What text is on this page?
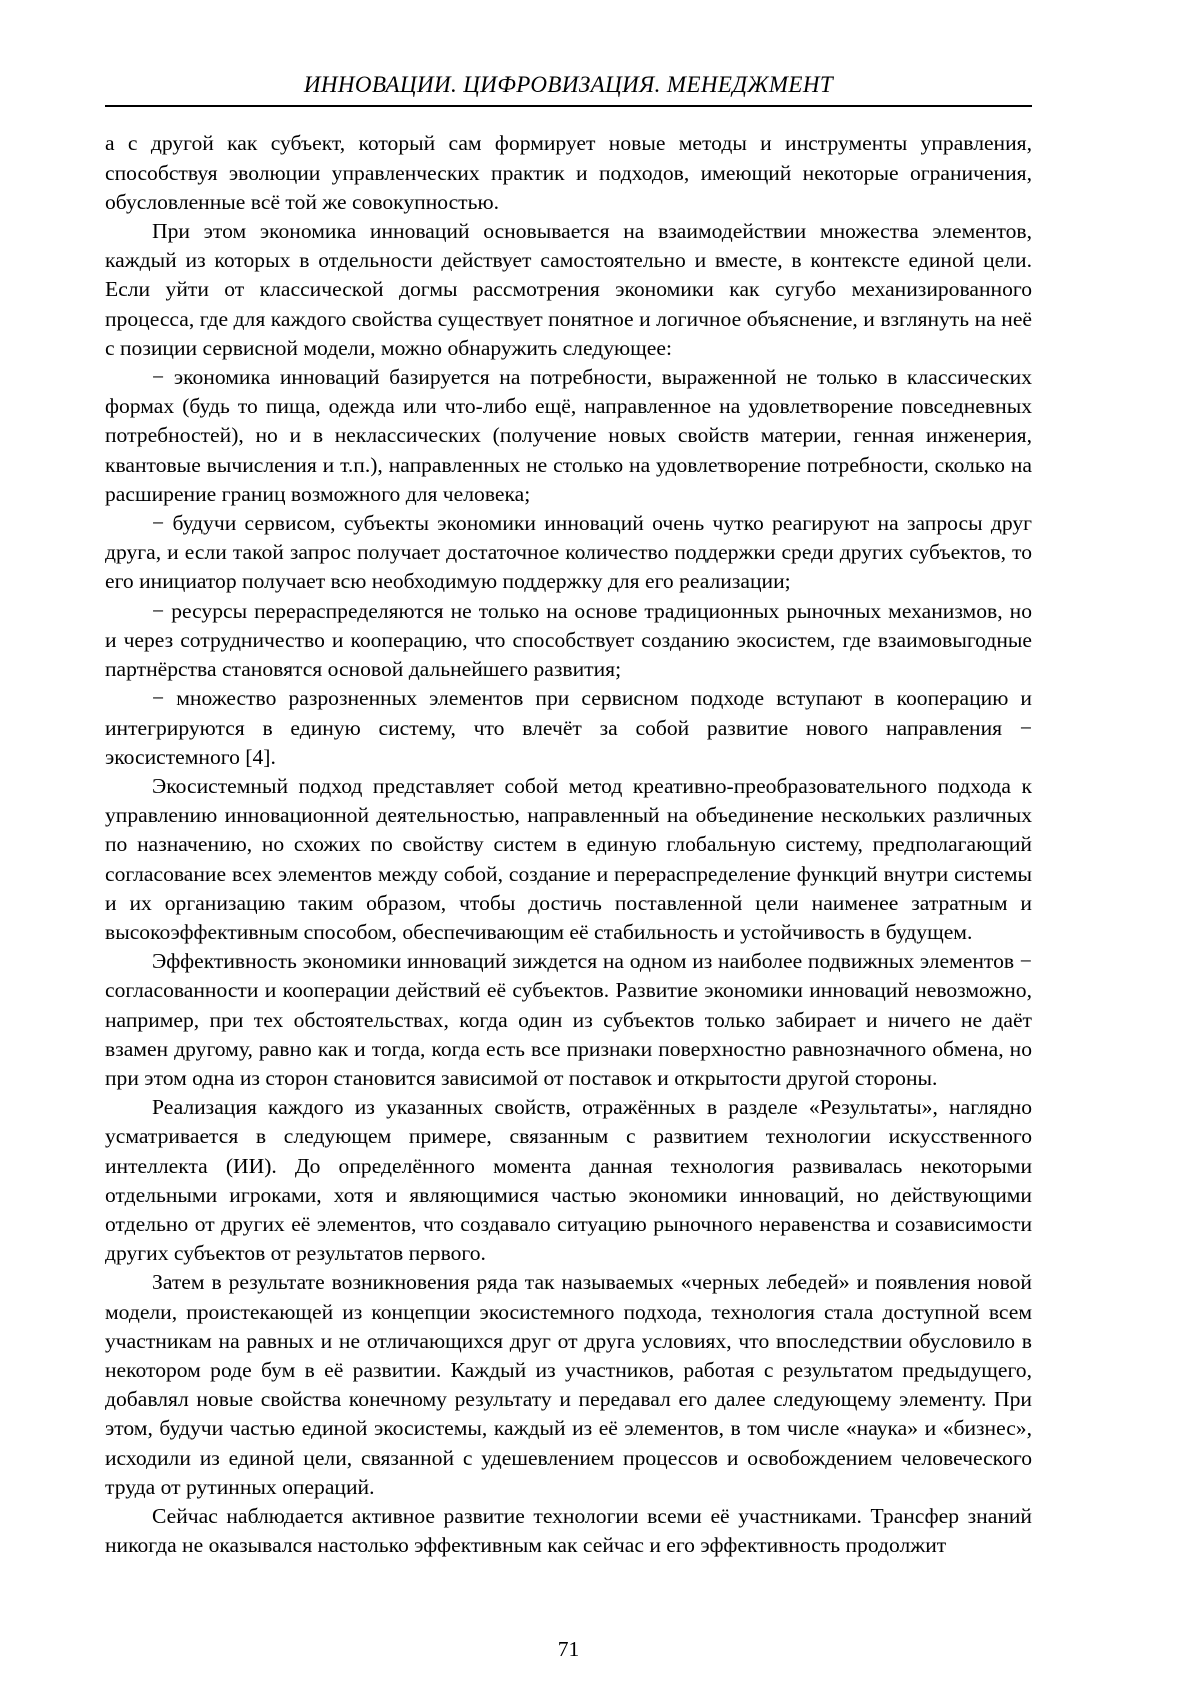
ИННОВАЦИИ. ЦИФРОВИЗАЦИЯ. МЕНЕДЖМЕНТ

а с другой как субъект, который сам формирует новые методы и инструменты управления, способствуя эволюции управленческих практик и подходов, имеющий некоторые ограничения, обусловленные всё той же совокупностью.

При этом экономика инноваций основывается на взаимодействии множества элементов, каждый из которых в отдельности действует самостоятельно и вместе, в контексте единой цели. Если уйти от классической догмы рассмотрения экономики как сугубо механизированного процесса, где для каждого свойства существует понятное и логичное объяснение, и взглянуть на неё с позиции сервисной модели, можно обнаружить следующее:

− экономика инноваций базируется на потребности, выраженной не только в классических формах (будь то пища, одежда или что-либо ещё, направленное на удовлетворение повседневных потребностей), но и в неклассических (получение новых свойств материи, генная инженерия, квантовые вычисления и т.п.), направленных не столько на удовлетворение потребности, сколько на расширение границ возможного для человека;

− будучи сервисом, субъекты экономики инноваций очень чутко реагируют на запросы друг друга, и если такой запрос получает достаточное количество поддержки среди других субъектов, то его инициатор получает всю необходимую поддержку для его реализации;

− ресурсы перераспределяются не только на основе традиционных рыночных механизмов, но и через сотрудничество и кооперацию, что способствует созданию экосистем, где взаимовыгодные партнёрства становятся основой дальнейшего развития;

− множество разрозненных элементов при сервисном подходе вступают в кооперацию и интегрируются в единую систему, что влечёт за собой развитие нового направления − экосистемного [4].

Экосистемный подход представляет собой метод креативно-преобразовательного подхода к управлению инновационной деятельностью, направленный на объединение нескольких различных по назначению, но схожих по свойству систем в единую глобальную систему, предполагающий согласование всех элементов между собой, создание и перераспределение функций внутри системы и их организацию таким образом, чтобы достичь поставленной цели наименее затратным и высокоэффективным способом, обеспечивающим её стабильность и устойчивость в будущем.

Эффективность экономики инноваций зиждется на одном из наиболее подвижных элементов − согласованности и кооперации действий её субъектов. Развитие экономики инноваций невозможно, например, при тех обстоятельствах, когда один из субъектов только забирает и ничего не даёт взамен другому, равно как и тогда, когда есть все признаки поверхностно равнозначного обмена, но при этом одна из сторон становится зависимой от поставок и открытости другой стороны.

Реализация каждого из указанных свойств, отражённых в разделе «Результаты», наглядно усматривается в следующем примере, связанным с развитием технологии искусственного интеллекта (ИИ). До определённого момента данная технология развивалась некоторыми отдельными игроками, хотя и являющимися частью экономики инноваций, но действующими отдельно от других её элементов, что создавало ситуацию рыночного неравенства и созависимости других субъектов от результатов первого.

Затем в результате возникновения ряда так называемых «черных лебедей» и появления новой модели, проистекающей из концепции экосистемного подхода, технология стала доступной всем участникам на равных и не отличающихся друг от друга условиях, что впоследствии обусловило в некотором роде бум в её развитии. Каждый из участников, работая с результатом предыдущего, добавлял новые свойства конечному результату и передавал его далее следующему элементу. При этом, будучи частью единой экосистемы, каждый из её элементов, в том числе «наука» и «бизнес», исходили из единой цели, связанной с удешевлением процессов и освобождением человеческого труда от рутинных операций.

Сейчас наблюдается активное развитие технологии всеми её участниками. Трансфер знаний никогда не оказывался настолько эффективным как сейчас и его эффективность продолжит

71
